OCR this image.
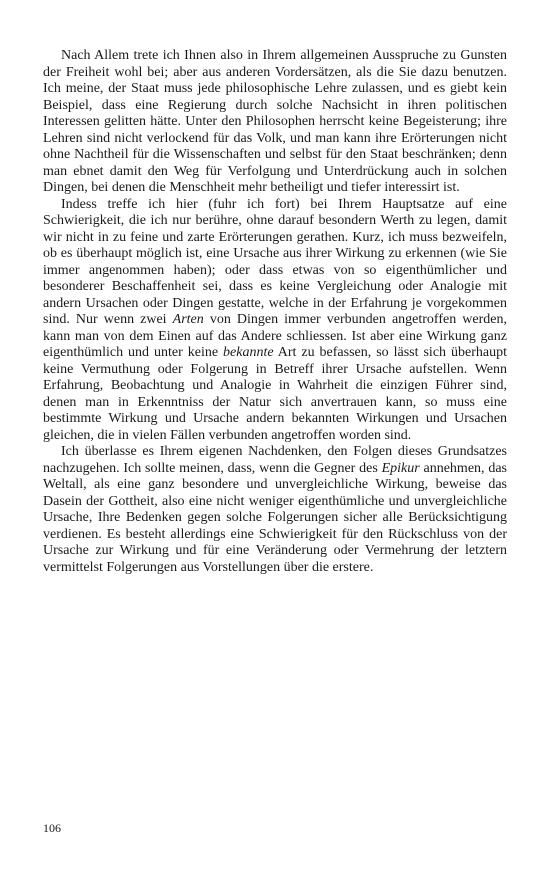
Nach Allem trete ich Ihnen also in Ihrem allgemeinen Ausspruche zu Gunsten der Freiheit wohl bei; aber aus anderen Vordersätzen, als die Sie dazu benutzen. Ich meine, der Staat muss jede philosophische Lehre zulassen, und es giebt kein Beispiel, dass eine Regierung durch solche Nachsicht in ihren politischen Interessen gelitten hätte. Unter den Philosophen herrscht keine Begeisterung; ihre Lehren sind nicht verlockend für das Volk, und man kann ihre Erörterungen nicht ohne Nachtheil für die Wissenschaften und selbst für den Staat beschränken; denn man ebnet damit den Weg für Verfolgung und Unterdrückung auch in solchen Dingen, bei denen die Menschheit mehr betheiligt und tiefer interessirt ist.

Indess treffe ich hier (fuhr ich fort) bei Ihrem Hauptsatze auf eine Schwierigkeit, die ich nur berühre, ohne darauf besondern Werth zu legen, damit wir nicht in zu feine und zarte Erörterungen gerathen. Kurz, ich muss bezweifeln, ob es überhaupt möglich ist, eine Ursache aus ihrer Wirkung zu erkennen (wie Sie immer angenommen haben); oder dass etwas von so eigenthümlicher und besonderer Beschaffenheit sei, dass es keine Vergleichung oder Analogie mit andern Ursachen oder Dingen gestatte, welche in der Erfahrung je vorgekommen sind. Nur wenn zwei Arten von Dingen immer verbunden angetroffen werden, kann man von dem Einen auf das Andere schliessen. Ist aber eine Wirkung ganz eigenthümlich und unter keine bekannte Art zu befassen, so lässt sich überhaupt keine Vermuthung oder Folgerung in Betreff ihrer Ursache aufstellen. Wenn Erfahrung, Beobachtung und Analogie in Wahrheit die einzigen Führer sind, denen man in Erkenntniss der Natur sich anvertrauen kann, so muss eine bestimmte Wirkung und Ursache andern bekannten Wirkungen und Ursachen gleichen, die in vielen Fällen verbunden angetroffen worden sind.

Ich überlasse es Ihrem eigenen Nachdenken, den Folgen dieses Grundsatzes nachzugehen. Ich sollte meinen, dass, wenn die Gegner des Epikur annehmen, das Weltall, als eine ganz besondere und unvergleichliche Wirkung, beweise das Dasein der Gottheit, also eine nicht weniger eigenthümliche und unvergleichliche Ursache, Ihre Bedenken gegen solche Folgerungen sicher alle Berücksichtigung verdienen. Es besteht allerdings eine Schwierigkeit für den Rückschluss von der Ursache zur Wirkung und für eine Veränderung oder Vermehrung der letztern vermittelst Folgerungen aus Vorstellungen über die erstere.

106
